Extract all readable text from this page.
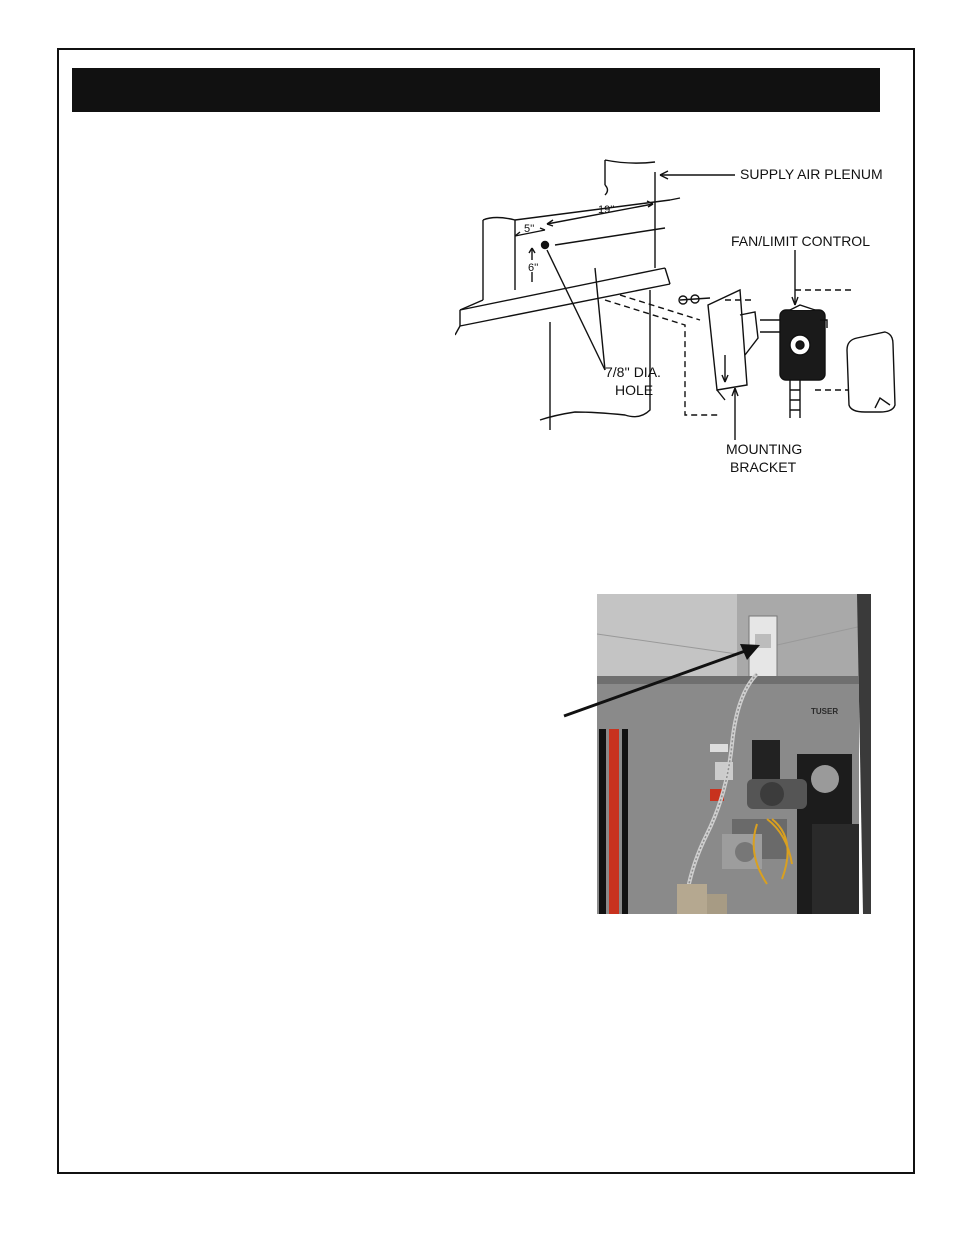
SUPPLY AIR PLENUM
FAN/LIMIT CONTROL
7/8'' DIA.
HOLE
MOUNTING
BRACKET
19''
5''
6''
TUSER
